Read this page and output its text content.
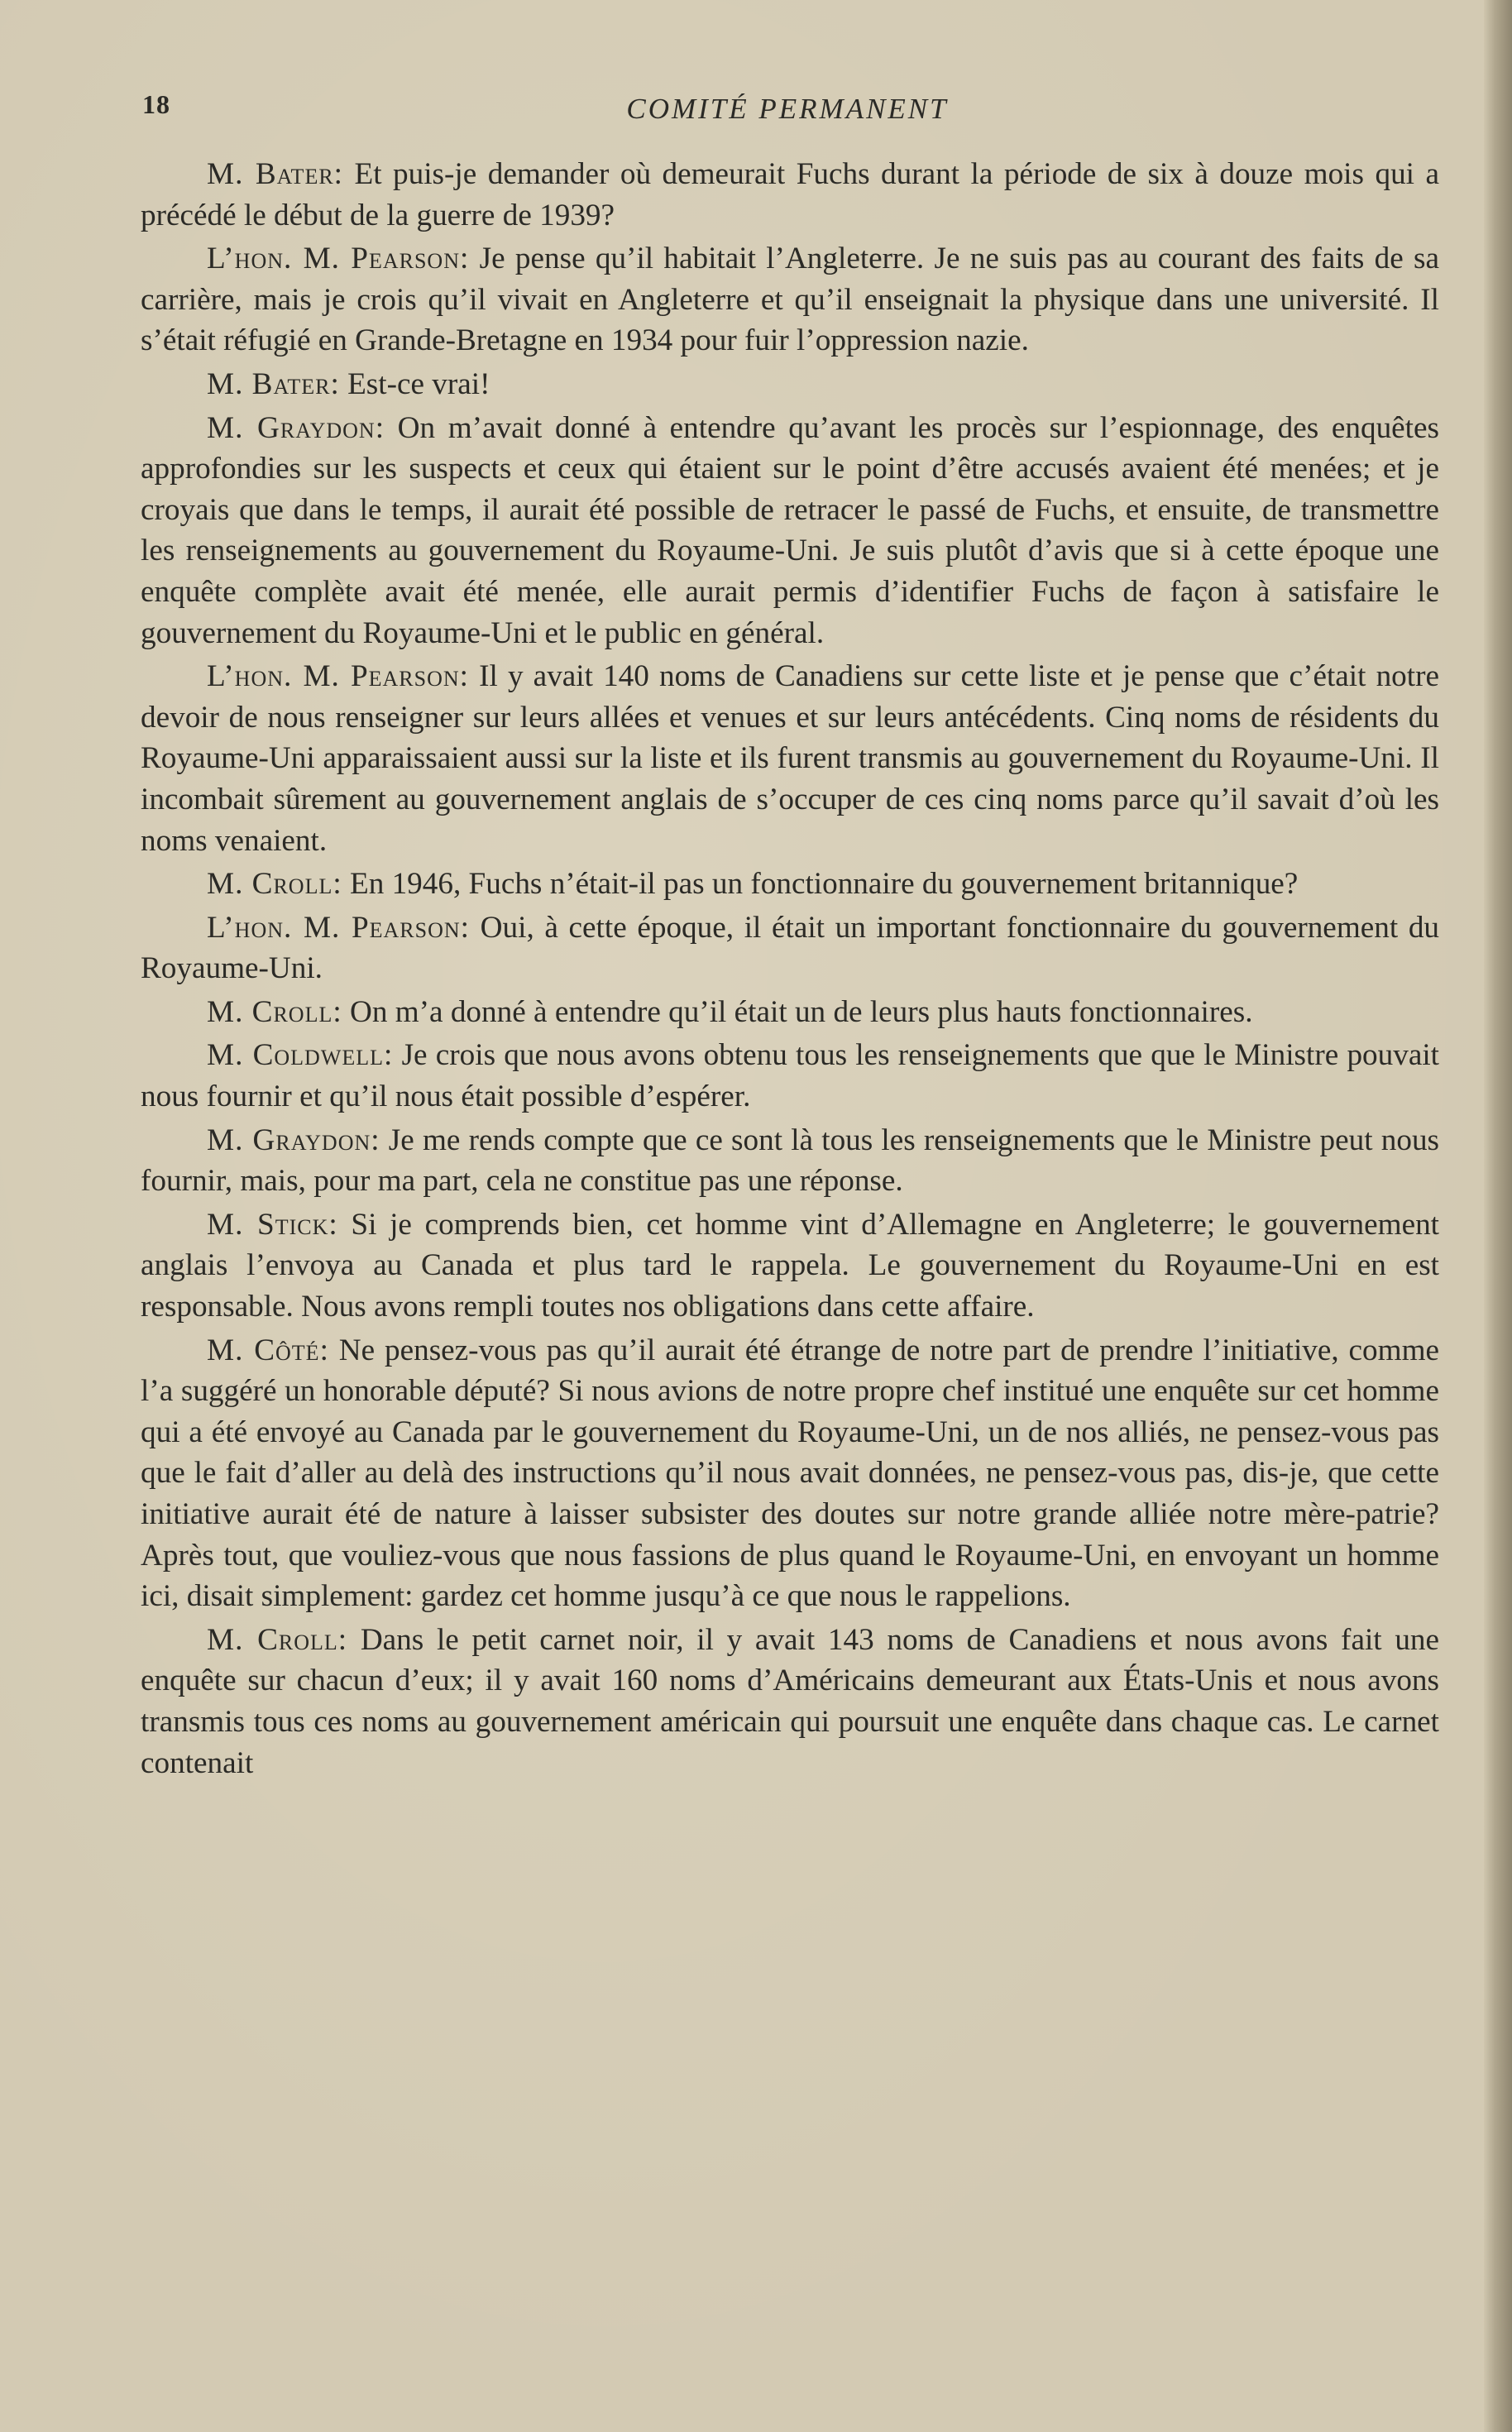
18	COMITÉ PERMANENT

M. Bater: Et puis-je demander où demeurait Fuchs durant la période de six à douze mois qui a précédé le début de la guerre de 1939?

L’hon. M. Pearson: Je pense qu’il habitait l’Angleterre. Je ne suis pas au courant des faits de sa carrière, mais je crois qu’il vivait en Angleterre et qu’il enseignait la physique dans une université. Il s’était réfugié en Grande-Bretagne en 1934 pour fuir l’oppression nazie.

M. Bater: Est-ce vrai!

M. Graydon: On m’avait donné à entendre qu’avant les procès sur l’espionnage, des enquêtes approfondies sur les suspects et ceux qui étaient sur le point d’être accusés avaient été menées; et je croyais que dans le temps, il aurait été possible de retracer le passé de Fuchs, et ensuite, de transmettre les renseignements au gouvernement du Royaume-Uni. Je suis plutôt d’avis que si à cette époque une enquête complète avait été menée, elle aurait permis d’identifier Fuchs de façon à satisfaire le gouvernement du Royaume-Uni et le public en général.

L’hon. M. Pearson: Il y avait 140 noms de Canadiens sur cette liste et je pense que c’était notre devoir de nous renseigner sur leurs allées et venues et sur leurs antécédents. Cinq noms de résidents du Royaume-Uni apparaissaient aussi sur la liste et ils furent transmis au gouvernement du Royaume-Uni. Il incombait sûrement au gouvernement anglais de s’occuper de ces cinq noms parce qu’il savait d’où les noms venaient.

M. Croll: En 1946, Fuchs n’était-il pas un fonctionnaire du gouvernement britannique?

L’hon. M. Pearson: Oui, à cette époque, il était un important fonctionnaire du gouvernement du Royaume-Uni.

M. Croll: On m’a donné à entendre qu’il était un de leurs plus hauts fonctionnaires.

M. Coldwell: Je crois que nous avons obtenu tous les renseignements que que le Ministre pouvait nous fournir et qu’il nous était possible d’espérer.

M. Graydon: Je me rends compte que ce sont là tous les renseignements que le Ministre peut nous fournir, mais, pour ma part, cela ne constitue pas une réponse.

M. Stick: Si je comprends bien, cet homme vint d’Allemagne en Angleterre; le gouvernement anglais l’envoya au Canada et plus tard le rappela. Le gouvernement du Royaume-Uni en est responsable. Nous avons rempli toutes nos obligations dans cette affaire.

M. Côté: Ne pensez-vous pas qu’il aurait été étrange de notre part de prendre l’initiative, comme l’a suggéré un honorable député? Si nous avions de notre propre chef institué une enquête sur cet homme qui a été envoyé au Canada par le gouvernement du Royaume-Uni, un de nos alliés, ne pensez-vous pas que le fait d’aller au delà des instructions qu’il nous avait données, ne pensez-vous pas, dis-je, que cette initiative aurait été de nature à laisser subsister des doutes sur notre grande alliée notre mère-patrie? Après tout, que vouliez-vous que nous fassions de plus quand le Royaume-Uni, en envoyant un homme ici, disait simplement: gardez cet homme jusqu’à ce que nous le rappelions.

M. Croll: Dans le petit carnet noir, il y avait 143 noms de Canadiens et nous avons fait une enquête sur chacun d’eux; il y avait 160 noms d’Américains demeurant aux États-Unis et nous avons transmis tous ces noms au gouvernement américain qui poursuit une enquête dans chaque cas. Le carnet contenait
